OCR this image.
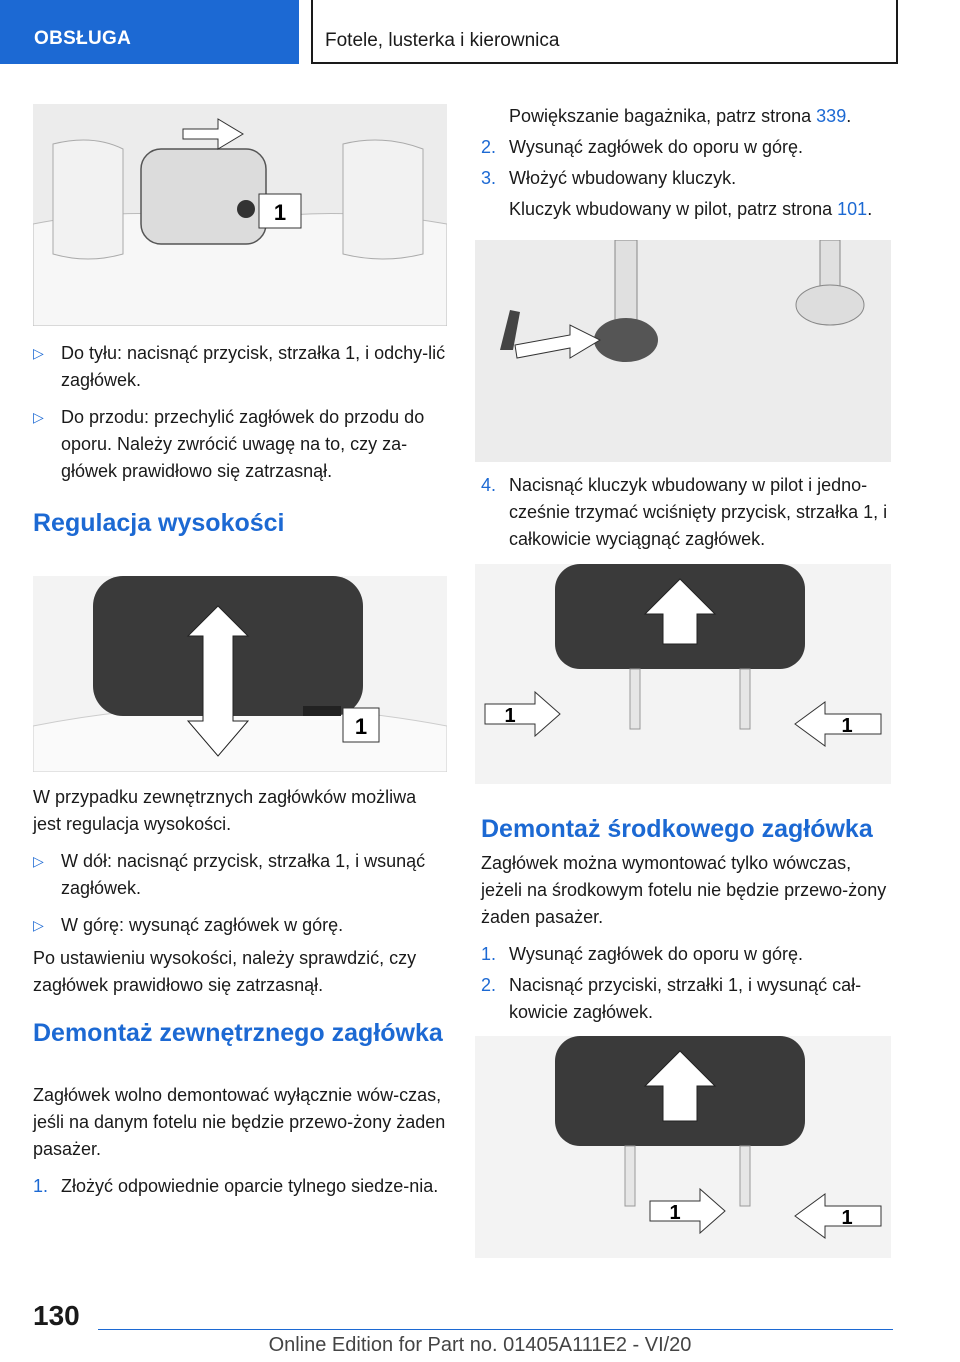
OBSŁUGA	Fotele, lusterka i kierownica
1
1	1	1
1	1
▷ Do tyłu: nacisnąć przycisk, strzałka 1, i odchy-lić zagłówek.
▷ Do przodu: przechylić zagłówek do przodu do oporu. Należy zwrócić uwagę na to, czy za-główek prawidłowo się zatrzasnął.
Regulacja wysokości

W przypadku zewnętrznych zagłówków możliwa jest regulacja wysokości.

▷ W dół: nacisnąć przycisk, strzałka 1, i wsunąć zagłówek.
▷ W górę: wysunąć zagłówek w górę.

Po ustawieniu wysokości, należy sprawdzić, czy zagłówek prawidłowo się zatrzasnął.

Demontaż zewnętrznego zagłówka

Zagłówek wolno demontować wyłącznie wów-czas, jeśli na danym fotelu nie będzie przewo-żony żaden pasażer.

1. Złożyć odpowiednie oparcie tylnego siedze-nia.
Powiększanie bagażnika, patrz strona 339.
2. Wysunąć zagłówek do oporu w górę.
3. Włożyć wbudowany kluczyk.
Kluczyk wbudowany w pilot, patrz strona 101.
4. Nacisnąć kluczyk wbudowany w pilot i jedno-cześnie trzymać wciśnięty przycisk, strzałka 1, i całkowicie wyciągnąć zagłówek.
Demontaż środkowego zagłówka

Zagłówek można wymontować tylko wówczas, jeżeli na środkowym fotelu nie będzie przewo-żony żaden pasażer.

1. Wysunąć zagłówek do oporu w górę.
2. Nacisnąć przyciski, strzałki 1, i wysunąć cał-kowicie zagłówek.
130
Online Edition for Part no. 01405A111E2 - VI/20
